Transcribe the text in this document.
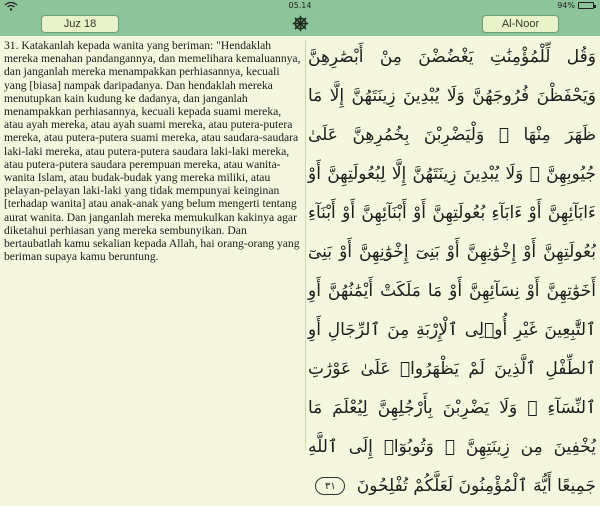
05.14	94%
Juz 18	Al-Noor
31. Katakanlah kepada wanita yang beriman: "Hendaklah mereka menahan pandangannya, dan memelihara kemaluannya, dan janganlah mereka menampakkan perhiasannya, kecuali yang [biasa] nampak daripadanya. Dan hendaklah mereka menutupkan kain kudung ke dadanya, dan janganlah menampakkan perhiasannya, kecuali kepada suami mereka, atau ayah mereka, atau ayah suami mereka, atau putera-putera mereka, atau putera-putera suami mereka, atau saudara-saudara laki-laki mereka, atau putera-putera saudara laki-laki mereka, atau putera-putera saudara perempuan mereka, atau wanita-wanita Islam, atau budak-budak yang mereka miliki, atau pelayan-pelayan laki-laki yang tidak mempunyai keinginan [terhadap wanita] atau anak-anak yang belum mengerti tentang aurat wanita. Dan janganlah mereka memukulkan kakinya agar diketahui perhiasan yang mereka sembunyikan. Dan bertaubatlah kamu sekalian kepada Allah, hai orang-orang yang beriman supaya kamu beruntung.
وَقُل لِّلْمُؤْمِنَٰتِ يَغْضُضْنَ مِنْ أَبْصَٰرِهِنَّ وَيَحْفَظْنَ فُرُوجَهُنَّ وَلَا يُبْدِينَ زِينَتَهُنَّ إِلَّا مَا ظَهَرَ مِنْهَا ۖ وَلْيَضْرِبْنَ بِخُمُرِهِنَّ عَلَىٰ جُيُوبِهِنَّ ۖ وَلَا يُبْدِينَ زِينَتَهُنَّ إِلَّا لِبُعُولَتِهِنَّ أَوْ ءَابَآئِهِنَّ أَوْ ءَابَآءِ بُعُولَتِهِنَّ أَوْ أَبْنَآئِهِنَّ أَوْ أَبْنَآءِ بُعُولَتِهِنَّ أَوْ إِخْوَٰنِهِنَّ أَوْ بَنِىٓ إِخْوَٰنِهِنَّ أَوْ بَنِىٓ أَخَوَٰتِهِنَّ أَوْ نِسَآئِهِنَّ أَوْ مَا مَلَكَتْ أَيْمَٰنُهُنَّ أَوِ ٱلتَّٰبِعِينَ غَيْرِ أُو۟لِى ٱلْإِرْبَةِ مِنَ ٱلرِّجَالِ أَوِ ٱلطِّفْلِ ٱلَّذِينَ لَمْ يَظْهَرُوا۟ عَلَىٰ عَوْرَٰتِ ٱلنِّسَآءِ ۖ وَلَا يَضْرِبْنَ بِأَرْجُلِهِنَّ لِيُعْلَمَ مَا يُخْفِينَ مِن زِينَتِهِنَّ ۚ وَتُوبُوٓا۟ إِلَى ٱللَّهِ جَمِيعًا أَيُّهَ ٱلْمُؤْمِنُونَ لَعَلَّكُمْ تُفْلِحُونَ ٣١
